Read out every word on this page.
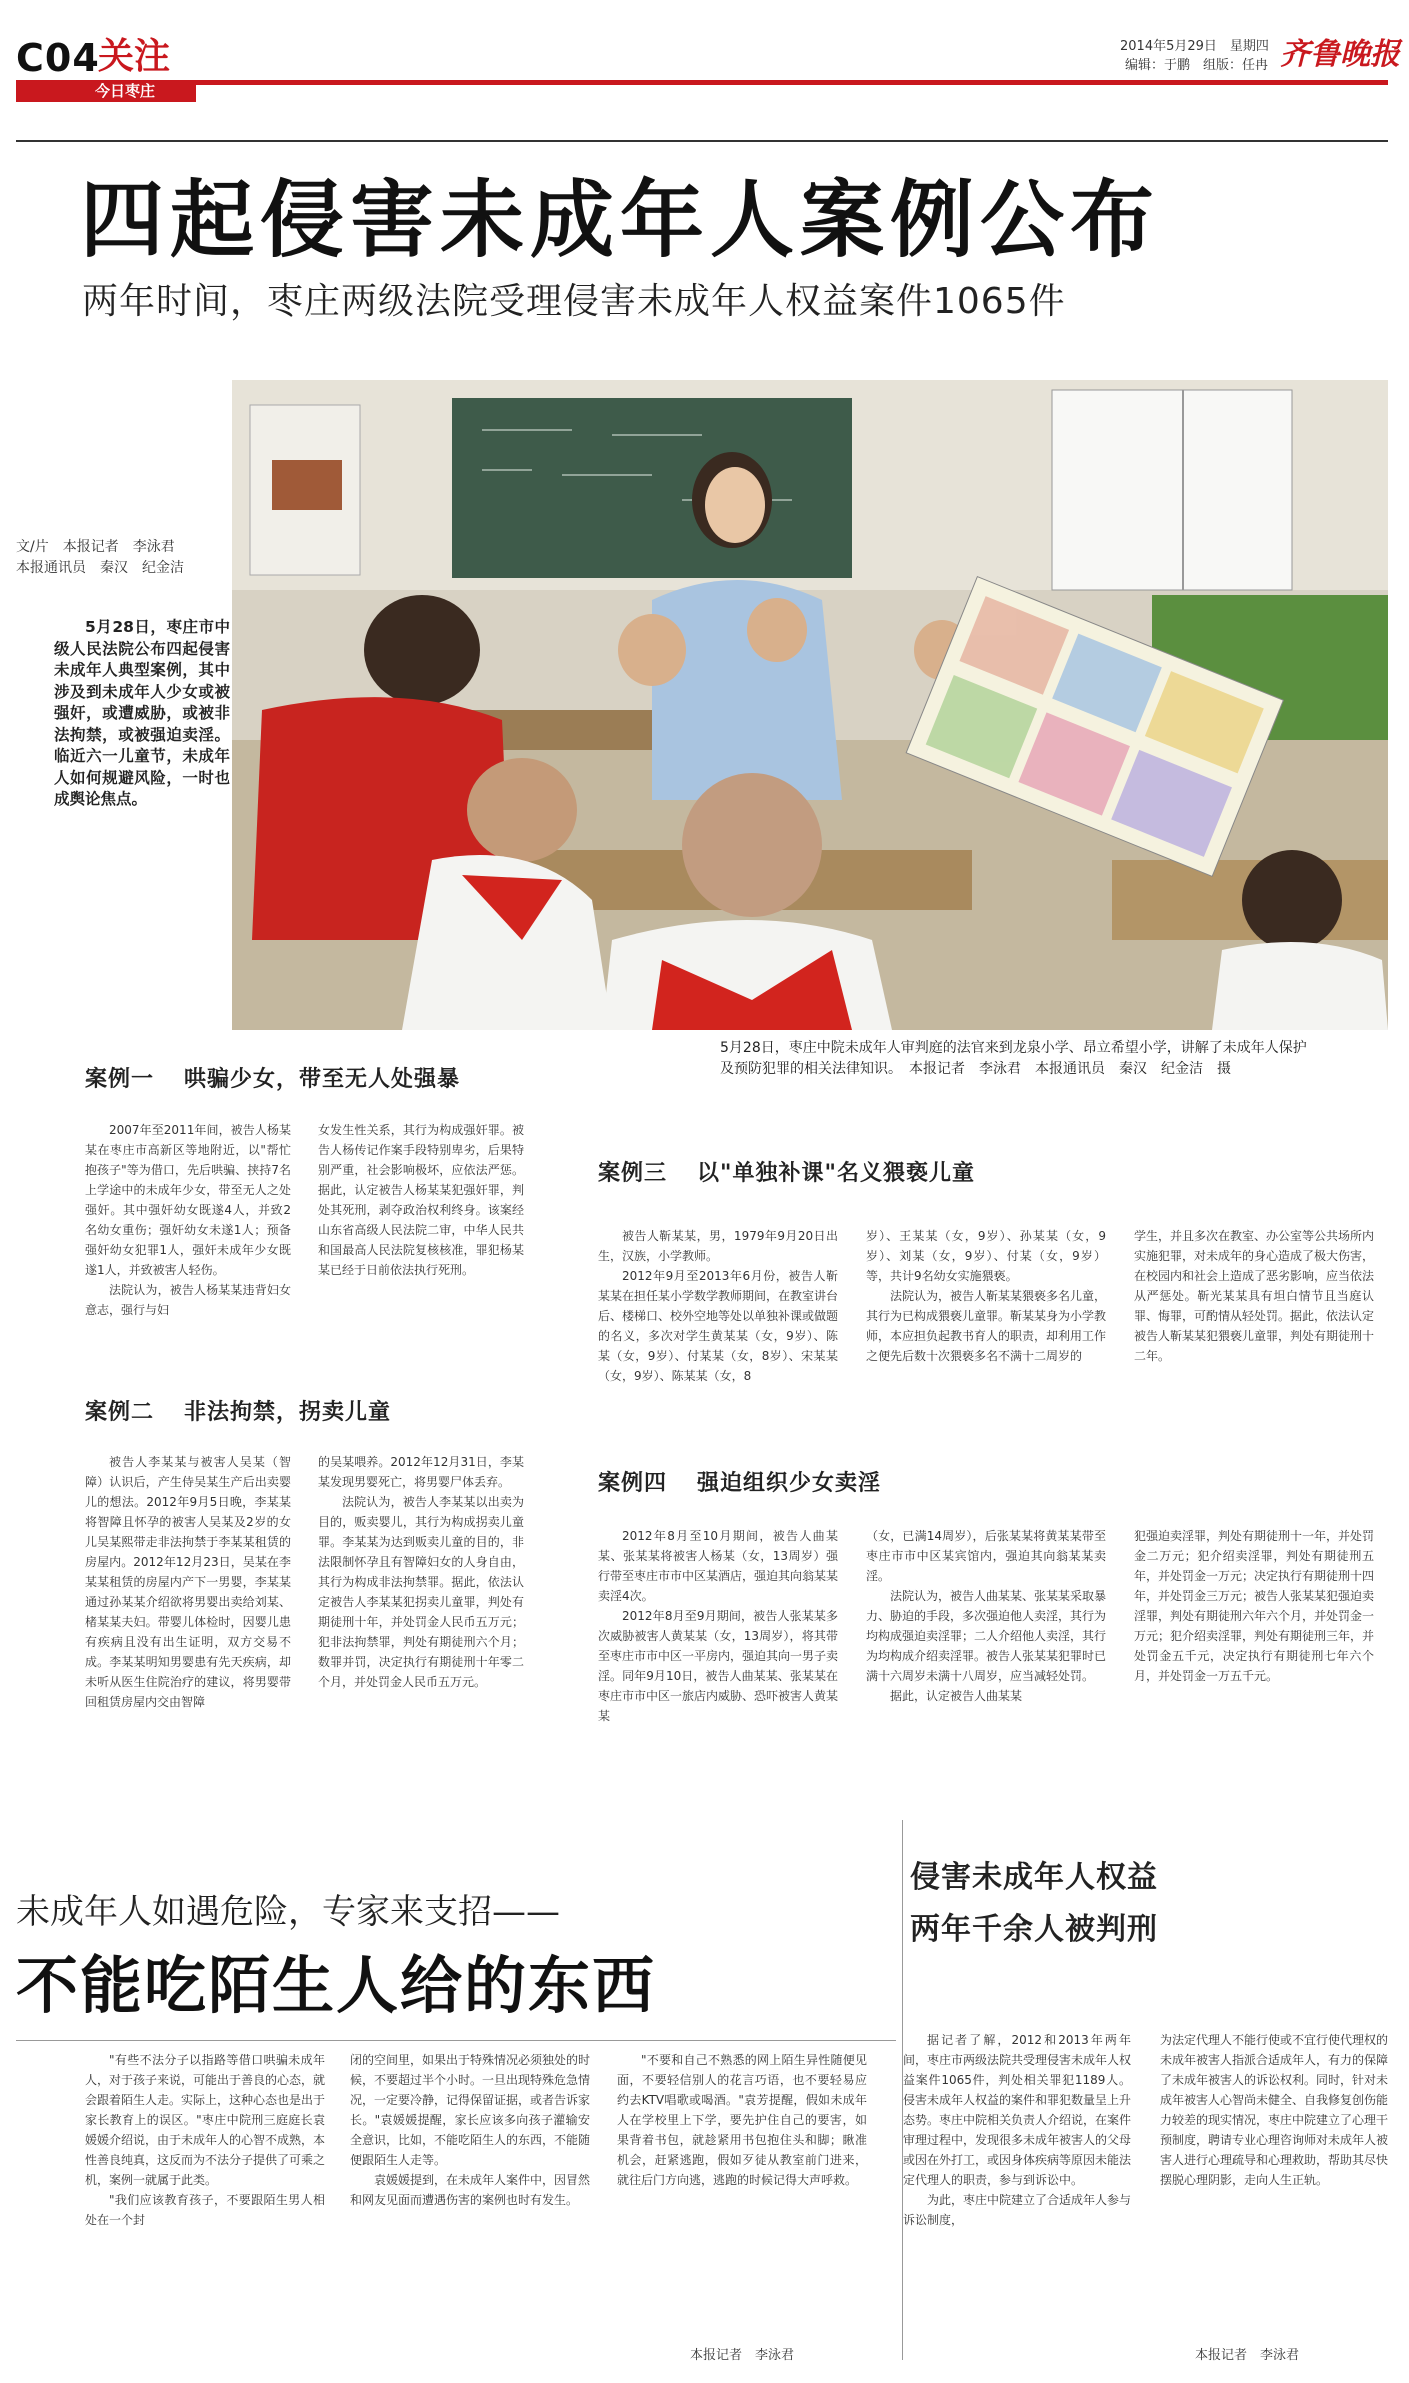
C04
关注
今日枣庄
2014年5月29日　星期四
编辑：于鹏　组版：任冉 齐鲁晚报
四起侵害未成年人案例公布
两年时间，枣庄两级法院受理侵害未成年人权益案件1065件
文/片　本报记者　李泳君
本报通讯员　秦汉　纪金洁
5月28日，枣庄市中级人民法院公布四起侵害未成年人典型案例，其中涉及到未成年人少女或被强奸，或遭威胁，或被非法拘禁，或被强迫卖淫。临近六一儿童节，未成年人如何规避风险，一时也成舆论焦点。
5月28日，枣庄中院未成年人审判庭的法官来到龙泉小学、昂立希望小学，讲解了未成年人保护
及预防犯罪的相关法律知识。　本报记者　李泳君　本报通讯员　秦汉　纪金洁　摄
案例一 哄骗少女，带至无人处强暴

2007年至2011年间，被告人杨某某在枣庄市高新区等地附近，以"帮忙抱孩子"等为借口，先后哄骗、挟持7名上学途中的未成年少女，带至无人之处强奸。其中强奸幼女既遂4人，并致2名幼女重伤；强奸幼女未遂1人；预备强奸幼女犯罪1人，强奸未成年少女既遂1人，并致被害人轻伤。

法院认为，被告人杨某某违背妇女意志，强行与妇

女发生性关系，其行为构成强奸罪。被告人杨传记作案手段特别卑劣，后果特别严重，社会影响极坏，应依法严惩。据此，认定被告人杨某某犯强奸罪，判处其死刑，剥夺政治权利终身。该案经山东省高级人民法院二审，中华人民共和国最高人民法院复核核准，罪犯杨某某已经于日前依法执行死刑。

案例二 非法拘禁，拐卖儿童

被告人李某某与被害人吴某（智障）认识后，产生侍吴某生产后出卖婴儿的想法。2012年9月5日晚，李某某将智障且怀孕的被害人吴某及2岁的女儿吴某熙带走非法拘禁于李某某租赁的房屋内。2012年12月23日，吴某在李某某租赁的房屋内产下一男婴，李某某通过孙某某介绍欲将男婴出卖给刘某、楮某某夫妇。带婴儿体检时，因婴儿患有疾病且没有出生证明，双方交易不成。李某某明知男婴患有先天疾病，却未听从医生住院治疗的建议，将男婴带回租赁房屋内交由智障

的吴某喂养。2012年12月31日，李某某发现男婴死亡，将男婴尸体丢弃。

法院认为，被告人李某某以出卖为目的，贩卖婴儿，其行为构成拐卖儿童罪。李某某为达到贩卖儿童的目的，非法限制怀孕且有智障妇女的人身自由，其行为构成非法拘禁罪。据此，依法认定被告人李某某犯拐卖儿童罪，判处有期徒刑十年，并处罚金人民币五万元；犯非法拘禁罪，判处有期徒刑六个月；数罪并罚，决定执行有期徒刑十年零二个月，并处罚金人民币五万元。

案例三 以"单独补课"名义猥亵儿童

被告人靳某某，男，1979年9月20日出生，汉族，小学教师。

2012年9月至2013年6月份，被告人靳某某在担任某小学数学教师期间，在教室讲台后、楼梯口、校外空地等处以单独补课或做题的名义，多次对学生黄某某（女，9岁）、陈某（女，9岁）、付某某（女，8岁）、宋某某（女，9岁）、陈某某（女，8

岁）、王某某（女，9岁）、孙某某（女，9岁）、刘某（女，9岁）、付某（女，9岁）等，共计9名幼女实施猥亵。

法院认为，被告人靳某某猥亵多名儿童，其行为已构成猥亵儿童罪。靳某某身为小学教师，本应担负起教书育人的职责，却利用工作之便先后数十次猥亵多名不满十二周岁的

学生，并且多次在教室、办公室等公共场所内实施犯罪，对未成年的身心造成了极大伤害，在校园内和社会上造成了恶劣影响，应当依法从严惩处。靳光某某具有坦白情节且当庭认罪、悔罪，可酌情从轻处罚。据此，依法认定被告人靳某某犯猥亵儿童罪，判处有期徒刑十二年。

案例四 强迫组织少女卖淫

2012年8月至10月期间，被告人曲某某、张某某将被害人杨某（女，13周岁）强行带至枣庄市市中区某酒店，强迫其向翁某某卖淫4次。

2012年8月至9月期间，被告人张某某多次威胁被害人黄某某（女，13周岁），将其带至枣庄市市中区一平房内，强迫其向一男子卖淫。同年9月10日，被告人曲某某、张某某在枣庄市市中区一旅店内威胁、恐吓被害人黄某某

（女，已满14周岁），后张某某将黄某某带至枣庄市市中区某宾馆内，强迫其向翁某某卖淫。

法院认为，被告人曲某某、张某某采取暴力、胁迫的手段，多次强迫他人卖淫，其行为均构成强迫卖淫罪；二人介绍他人卖淫，其行为均构成介绍卖淫罪。被告人张某某犯罪时已满十六周岁未满十八周岁，应当减轻处罚。

据此，认定被告人曲某某

犯强迫卖淫罪，判处有期徒刑十一年，并处罚金二万元；犯介绍卖淫罪，判处有期徒刑五年，并处罚金一万元；决定执行有期徒刑十四年，并处罚金三万元；被告人张某某犯强迫卖淫罪，判处有期徒刑六年六个月，并处罚金一万元；犯介绍卖淫罪，判处有期徒刑三年，并处罚金五千元，决定执行有期徒刑七年六个月，并处罚金一万五千元。

未成年人如遇危险，专家来支招——
不能吃陌生人给的东西

"有些不法分子以指路等借口哄骗未成年人，对于孩子来说，可能出于善良的心态，就会跟着陌生人走。实际上，这种心态也是出于家长教育上的误区。"枣庄中院刑三庭庭长袁媛媛介绍说，由于未成年人的心智不成熟，本性善良纯真，这反而为不法分子提供了可乘之机，案例一就属于此类。

"我们应该教育孩子，不要跟陌生男人相处在一个封

闭的空间里，如果出于特殊情况必须独处的时候，不要超过半个小时。一旦出现特殊危急情况，一定要冷静，记得保留证据，或者告诉家长。"袁媛媛提醒，家长应该多向孩子灌输安全意识，比如，不能吃陌生人的东西，不能随便跟陌生人走等。

袁媛媛提到，在未成年人案件中，因冒然和网友见面而遭遇伤害的案例也时有发生。

"不要和自己不熟悉的网上陌生异性随便见面，不要轻信别人的花言巧语，也不要轻易应约去KTV唱歌或喝酒。"袁芳提醒，假如未成年人在学校里上下学，要先护住自己的要害，如果背着书包，就趁紧用书包抱住头和脚；瞅准机会，赶紧逃跑，假如歹徒从教室前门进来，就往后门方向逃，逃跑的时候记得大声呼救。

本报记者　李泳君
侵害未成年人权益
两年千余人被判刑

据记者了解，2012和2013年两年间，枣庄市两级法院共受理侵害未成年人权益案件1065件，判处相关罪犯1189人。侵害未成年人权益的案件和罪犯数量呈上升态势。枣庄中院相关负责人介绍说，在案件审理过程中，发现很多未成年被害人的父母或因在外打工，或因身体疾病等原因未能法定代理人的职责，参与到诉讼中。

为此，枣庄中院建立了合适成年人参与诉讼制度，

为法定代理人不能行使或不宜行使代理权的未成年被害人指派合适成年人，有力的保障了未成年被害人的诉讼权利。同时，针对未成年被害人心智尚未健全、自我修复创伤能力较差的现实情况，枣庄中院建立了心理干预制度，聘请专业心理咨询师对未成年人被害人进行心理疏导和心理救助，帮助其尽快摆脱心理阴影，走向人生正轨。

本报记者　李泳君
